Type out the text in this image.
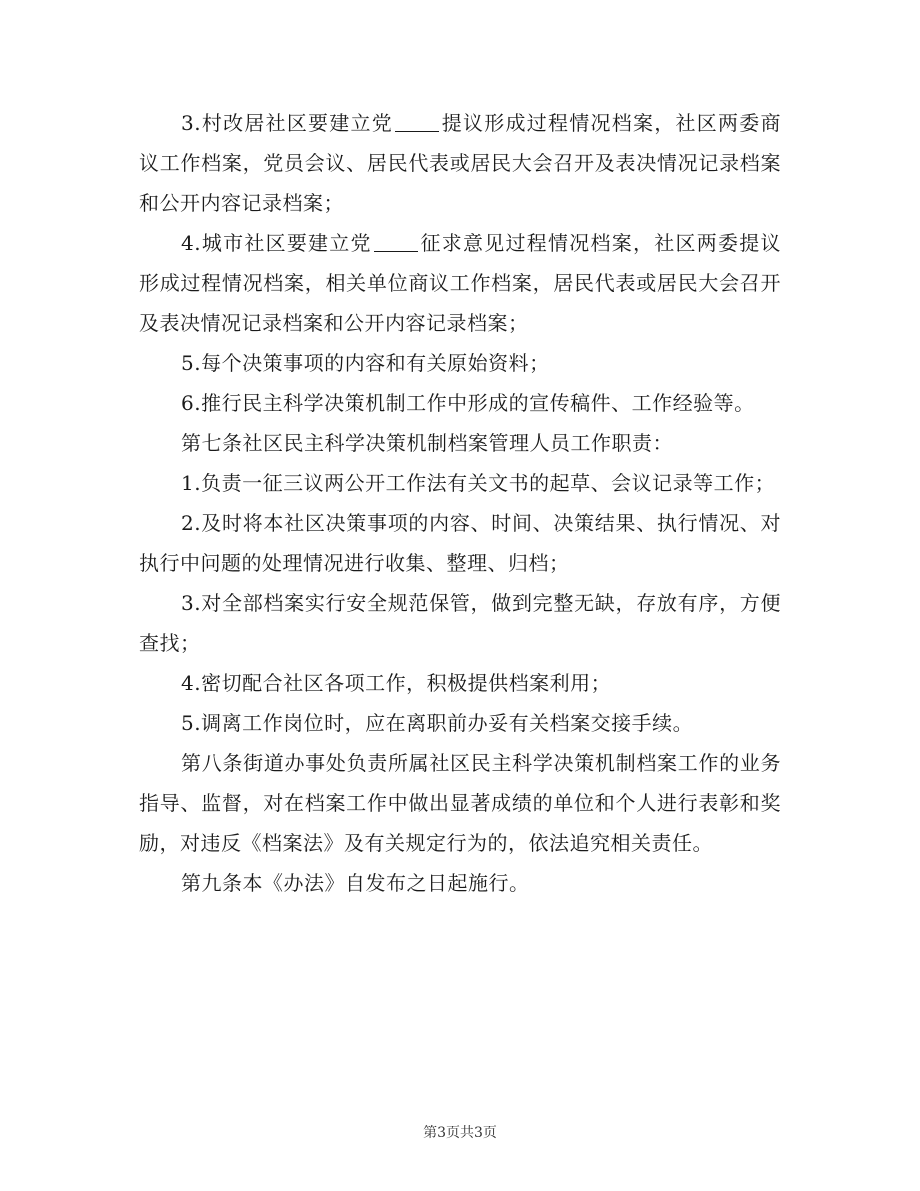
3.村改居社区要建立党 提议形成过程情况档案，社区两委商议工作档案，党员会议、居民代表或居民大会召开及表决情况记录档案和公开内容记录档案；

4.城市社区要建立党 征求意见过程情况档案，社区两委提议形成过程情况档案，相关单位商议工作档案，居民代表或居民大会召开及表决情况记录档案和公开内容记录档案；

5.每个决策事项的内容和有关原始资料；

6.推行民主科学决策机制工作中形成的宣传稿件、工作经验等。

第七条社区民主科学决策机制档案管理人员工作职责：

1.负责一征三议两公开工作法有关文书的起草、会议记录等工作；

2.及时将本社区决策事项的内容、时间、决策结果、执行情况、对执行中问题的处理情况进行收集、整理、归档；

3.对全部档案实行安全规范保管，做到完整无缺，存放有序，方便查找；

4.密切配合社区各项工作，积极提供档案利用；

5.调离工作岗位时，应在离职前办妥有关档案交接手续。

第八条街道办事处负责所属社区民主科学决策机制档案工作的业务指导、监督，对在档案工作中做出显著成绩的单位和个人进行表彰和奖励，对违反《档案法》及有关规定行为的，依法追究相关责任。

第九条本《办法》自发布之日起施行。

第3页共3页
